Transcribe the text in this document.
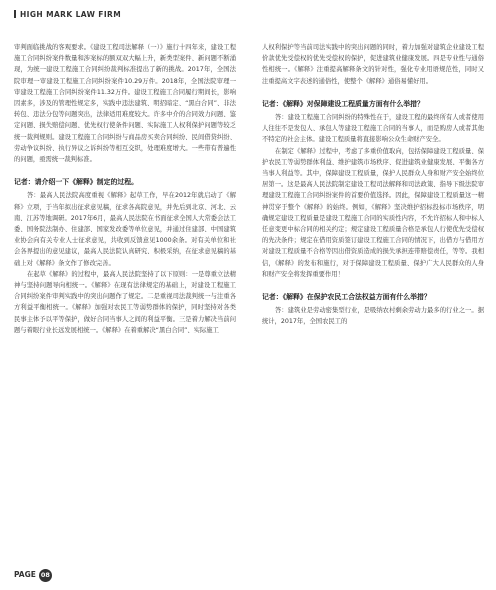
HIGH MARK LAW FIRM

审判面临挑战的客观要求。《建设工程司法解释（一）》施行十四年来，建设工程施工合同纠纷案件数量和涉案标的额双双大幅上升，新类型案件、新问题不断涌现，为统一建设工程施工合同纠纷裁判标准提出了新的挑战。2017年，全国法院审理一审建设工程施工合同纠纷案件10.29万件。2018年，全国法院审理一审建设工程施工合同纠纷案件11.32万件。建设工程施工合同履行期间长，影响因素多，涉及的管理性规定多，实践中违法建筑、明招暗定、“黑白合同”、非法转包、违法分包等问题突出，法律适用难度较大。许多中介的合同效力问题、鉴定问题、损失赔偿问题、优先权行使条件问题、实际施工人权利保护问题等较乏统一裁判规则。建设工程施工合同纠纷与商品房买卖合同纠纷、民间借贷纠纷、劳动争议纠纷、执行异议之诉纠纷等相互交织，处理难度增大。一些带有普遍性的问题，亟需统一裁判标准。

记者：请介绍一下《解释》制定的过程。

答：最高人民法院高度重视《解释》起草工作，早在2012年就启动了《解释》立项，于当年拟出征求意见稿，征求各高院意见，并先后到北京、河北、云南、江苏等地调研。2017年6月，最高人民法院在书面征求全国人大常委会法工委、国务院法制办、住建部、国家发改委等单位意见，并通过住建部、中国建筑业协会向有关专业人士征求意见，共收到反馈意见1000余条。对有关单位和社会各界提出的意见建议，最高人民法院认真研究、积极采纳，在征求意见稿的基础上对《解释》条文作了修改完善。

在起草《解释》的过程中，最高人民法院坚持了以下原则：一是尊重立法精神与坚持问题导向相统一。《解释》在现有法律规定的基础上，对建设工程施工合同纠纷案件审判实践中的突出问题作了规定。二是重视司法裁判统一与注重各方利益平衡相统一。《解释》加强对农民工等弱势群体的保护，同时坚持对各类民事主体予以平等保护，做好合同当事人之间的利益平衡。三是着力解决当前问题与着眼行业长远发展相统一。《解释》在着重解决“黑白合同”、实际施工

人权利保护等当前司法实践中的突出问题的同时，着力加强对建筑企业建设工程价款优先受偿权的优先受偿权的保护，促进建筑业健康发展。四是专业性与通俗性相统一。《解释》注重提高解释条文的针对性，强化专业用语规范性，同时又注重提高文字表述的通俗性，使整个《解释》通俗易懂好用。

记者：《解释》对保障建设工程质量方面有什么举措？

答：建设工程施工合同纠纷的特殊性在于，建设工程的最终所有人或者使用人往往不是发包人、承包人等建设工程施工合同的当事人，而是购房人或者其他不特定的社会主体。建设工程质量将直接影响公众生命财产安全。

在制定《解释》过程中，考虑了多重价值取向，包括保障建设工程质量、保护农民工等弱势群体利益、维护建筑市场秩序、促进建筑业健康发展、平衡各方当事人利益等。其中，保障建设工程质量，保护人民群众人身和财产安全始终位居第一。这是最高人民法院制定建设工程司法解释和司法政策、指导下级法院审理建设工程施工合同纠纷案件的首要价值选择。因此，保障建设工程质量这一精神贯穿于整个《解释》的始终。例如，《解释》坚决维护招标投标市场秩序，明确规定建设工程质量是建设工程施工合同的实质性内容，不允许招标人和中标人任意变更中标合同的相关约定；规定建设工程质量合格是承包人行使优先受偿权的先决条件；规定在借用资质签订建设工程施工合同的情况下，出借方与借用方对建设工程质量不合格等因出借资质造成的损失承担连带赔偿责任，等等。我相信，《解释》的发布和施行，对于保障建设工程质量、保护广大人民群众的人身和财产安全将发挥重要作用！

记者：《解释》在保护农民工合法权益方面有什么举措？

答：建筑业是劳动密集型行业，是吸纳农村剩余劳动力最多的行业之一。据统计，2017年，全国农民工的

PAGE 08
